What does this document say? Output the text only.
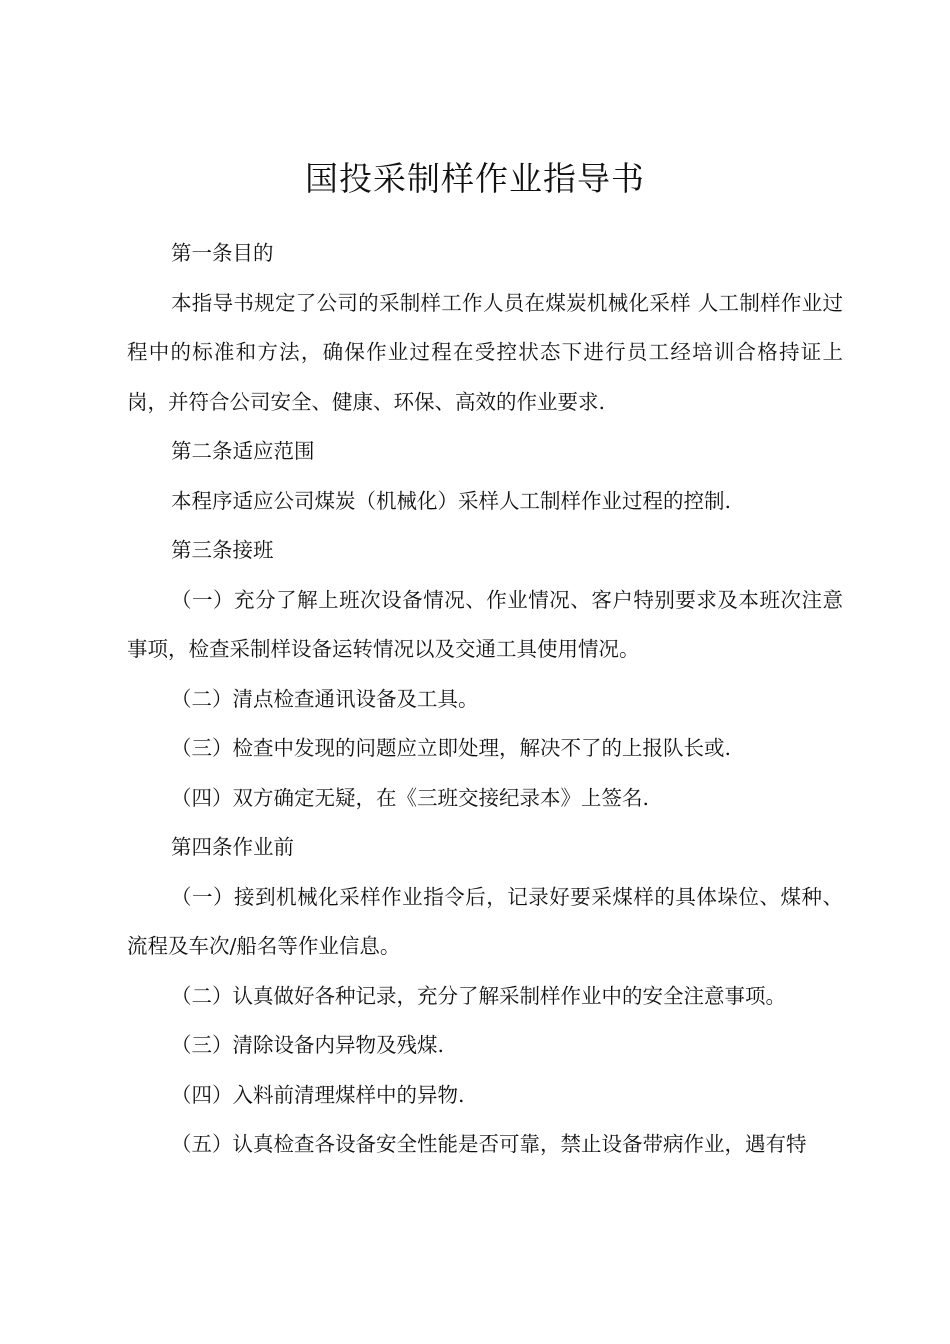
国投采制样作业指导书

第一条目的

本指导书规定了公司的采制样工作人员在煤炭机械化采样 人工制样作业过程中的标准和方法，确保作业过程在受控状态下进行员工经培训合格持证上岗，并符合公司安全、健康、环保、高效的作业要求.

第二条适应范围

本程序适应公司煤炭（机械化）采样人工制样作业过程的控制.

第三条接班

（一）充分了解上班次设备情况、作业情况、客户特别要求及本班次注意事项，检查采制样设备运转情况以及交通工具使用情况。

（二）清点检查通讯设备及工具。

（三）检查中发现的问题应立即处理，解决不了的上报队长或.

（四）双方确定无疑，在《三班交接纪录本》上签名.

第四条作业前

（一）接到机械化采样作业指令后，记录好要采煤样的具体垛位、煤种、流程及车次/船名等作业信息。

（二）认真做好各种记录，充分了解采制样作业中的安全注意事项。

（三）清除设备内异物及残煤.

（四）入料前清理煤样中的异物.

（五）认真检查各设备安全性能是否可靠，禁止设备带病作业，遇有特
